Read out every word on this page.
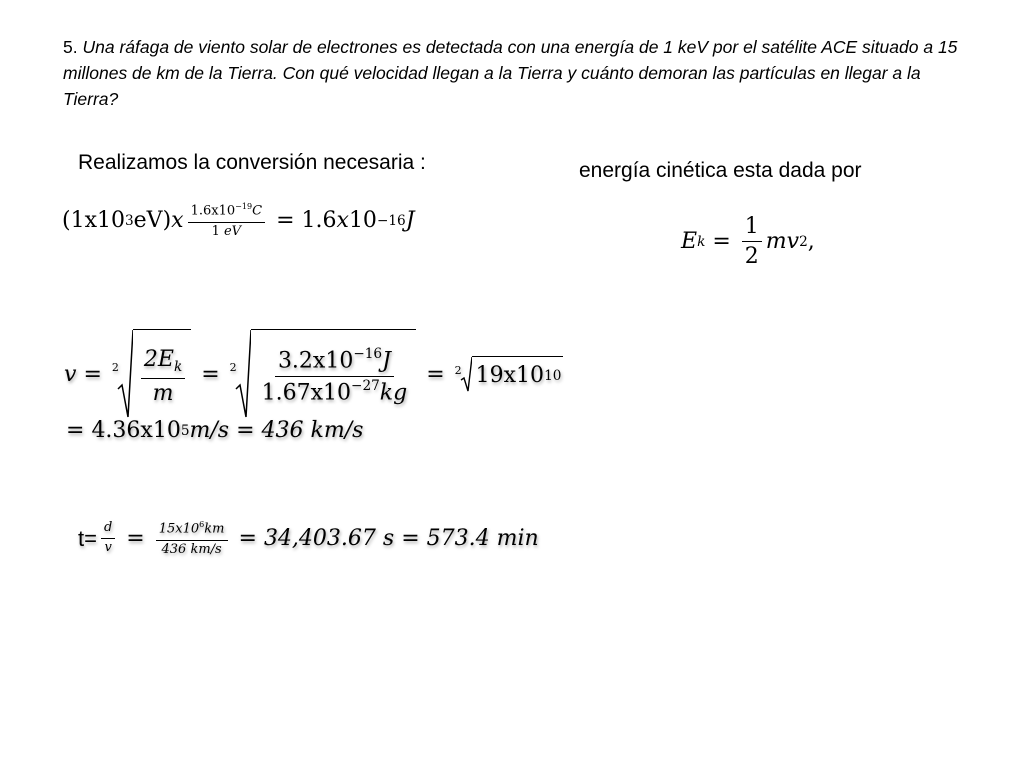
5. Una ráfaga de viento solar de electrones es detectada con una energía de 1 keV por el satélite ACE situado a 15 millones de km de la Tierra. Con qué velocidad llegan a la Tierra y cuánto demoran las partículas en llegar a la Tierra?
Realizamos la conversión necesaria :
(1x10 3 eV) x $\frac{1.6x10^{-19}C}{1 eV} = 1.6$ x 10 −16 J
energía cinética esta dada por
E $k = \frac{1}{2}$ mv 2 ,
$v = 2 \frac{2E_k}{m} = 2 \frac{3.2x10^{-16}J}{1.67x10^{-27}kg} = 2$ 19x10 10
= 4.36x10 5 m/s = 436 km/s
$t= \frac{d}{v} = \frac{15x10^6km}{436 km/s} = 34,403.67$ s = 573.4 min
